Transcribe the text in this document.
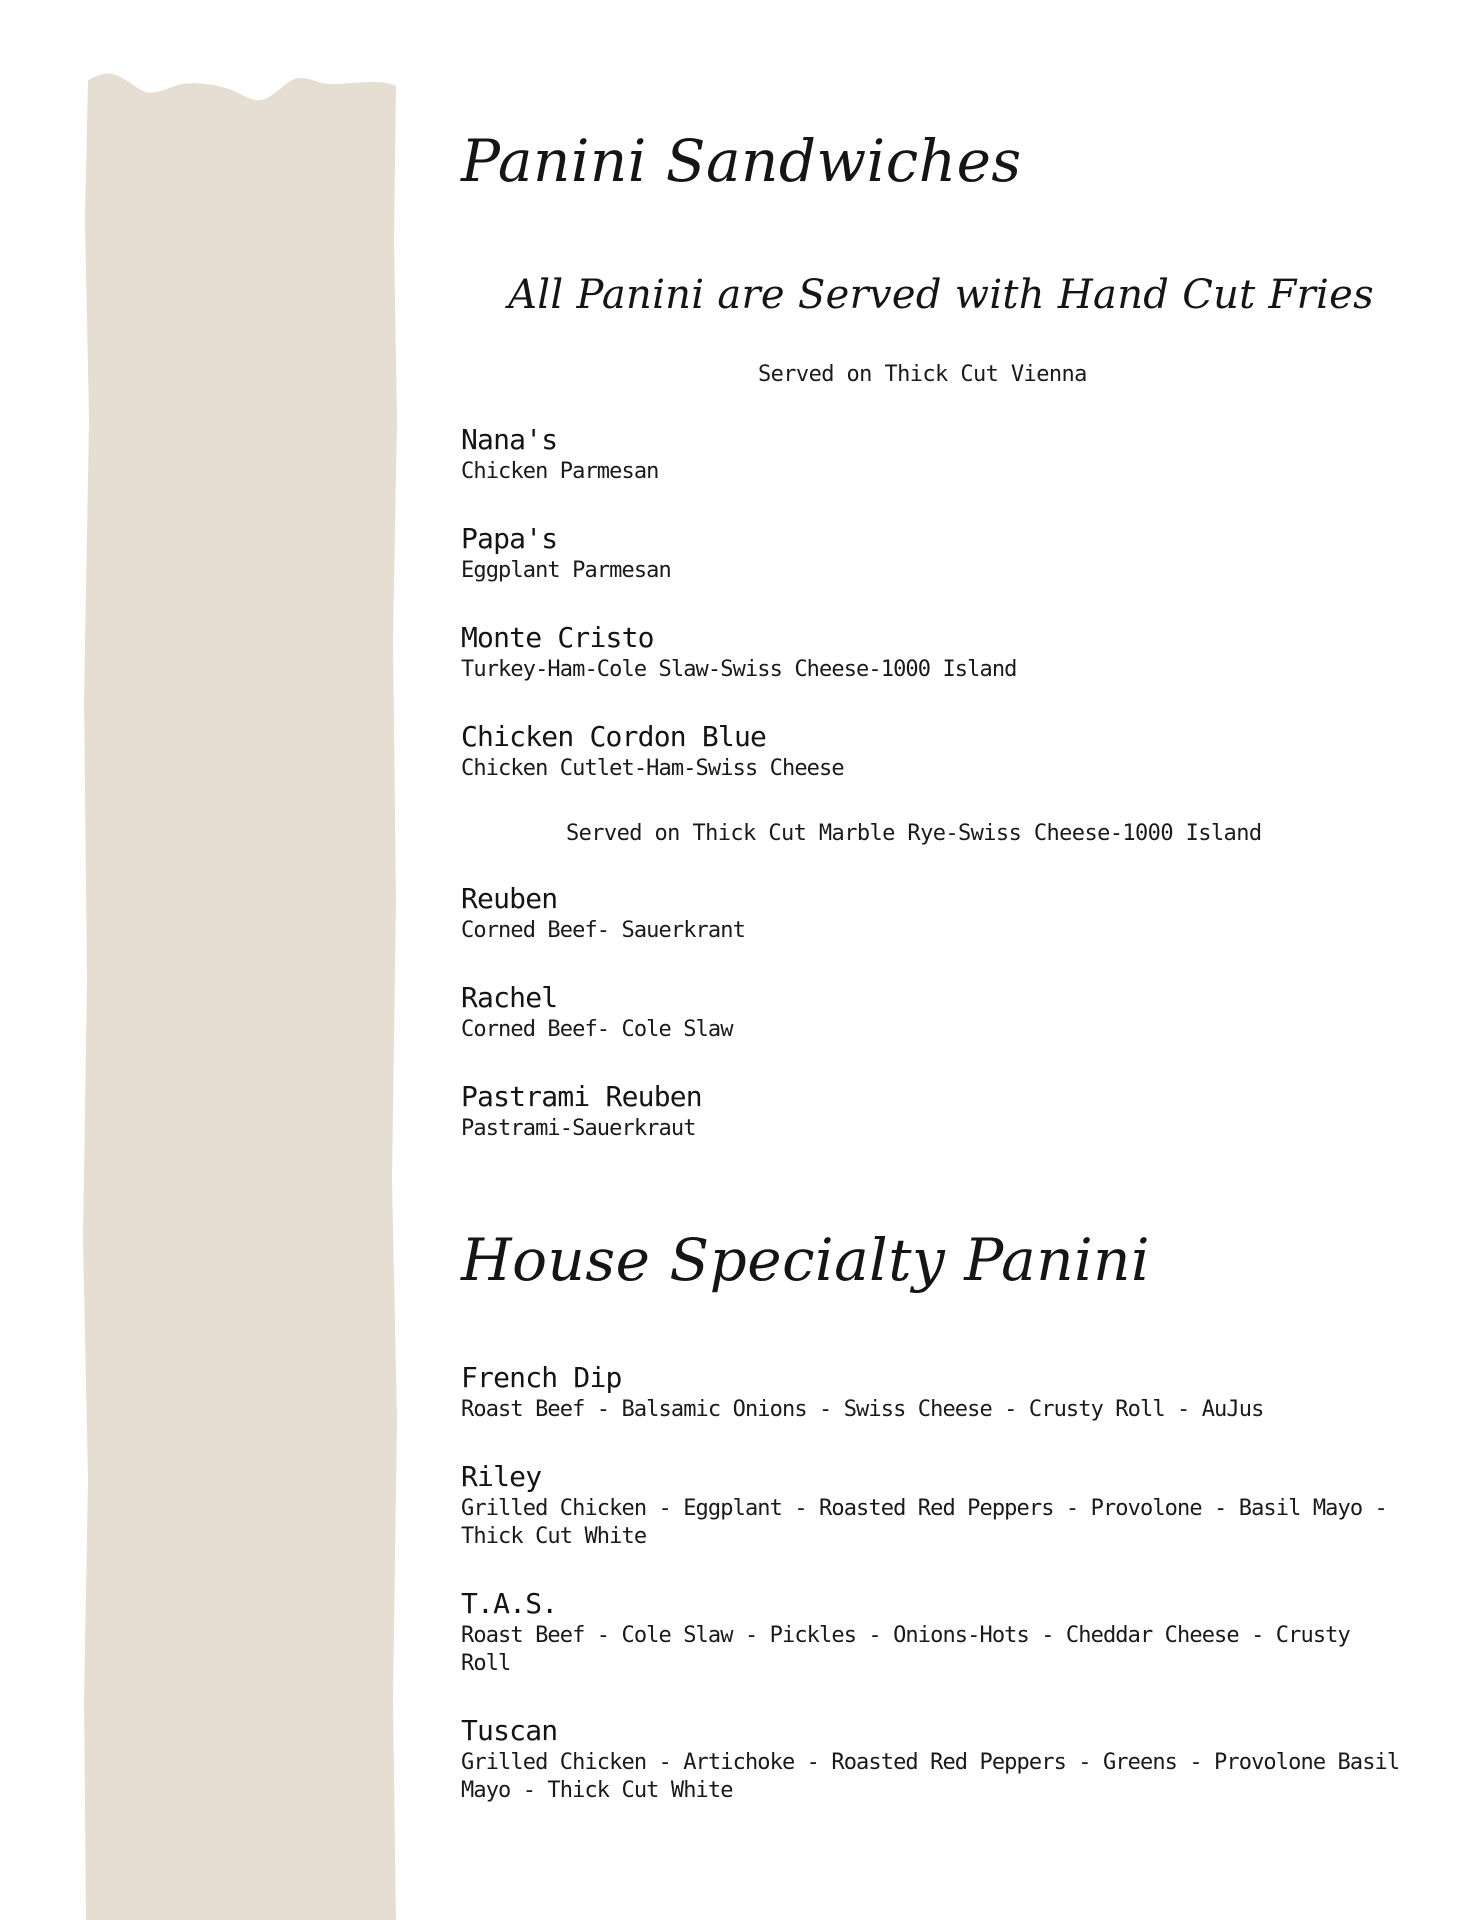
Panini Sandwiches
All Panini are Served with Hand Cut Fries

Served on Thick Cut Vienna

Nana's
Chicken Parmesan
Papa's
Eggplant Parmesan
Monte Cristo
Turkey-Ham-Cole Slaw-Swiss Cheese-1000 Island
Chicken Cordon Blue
Chicken Cutlet-Ham-Swiss Cheese

Served on Thick Cut Marble Rye-Swiss Cheese-1000 Island

Reuben
Corned Beef- Sauerkrant
Rachel
Corned Beef- Cole Slaw
Pastrami Reuben
Pastrami-Sauerkraut
House Specialty Panini
French Dip
Roast Beef - Balsamic Onions - Swiss Cheese - Crusty Roll - AuJus
Riley
Grilled Chicken - Eggplant - Roasted Red Peppers - Provolone - Basil Mayo - Thick Cut White
T.A.S.
Roast Beef - Cole Slaw - Pickles - Onions-Hots - Cheddar Cheese - Crusty Roll
Tuscan
Grilled Chicken - Artichoke - Roasted Red Peppers - Greens - Provolone Basil Mayo - Thick Cut White
